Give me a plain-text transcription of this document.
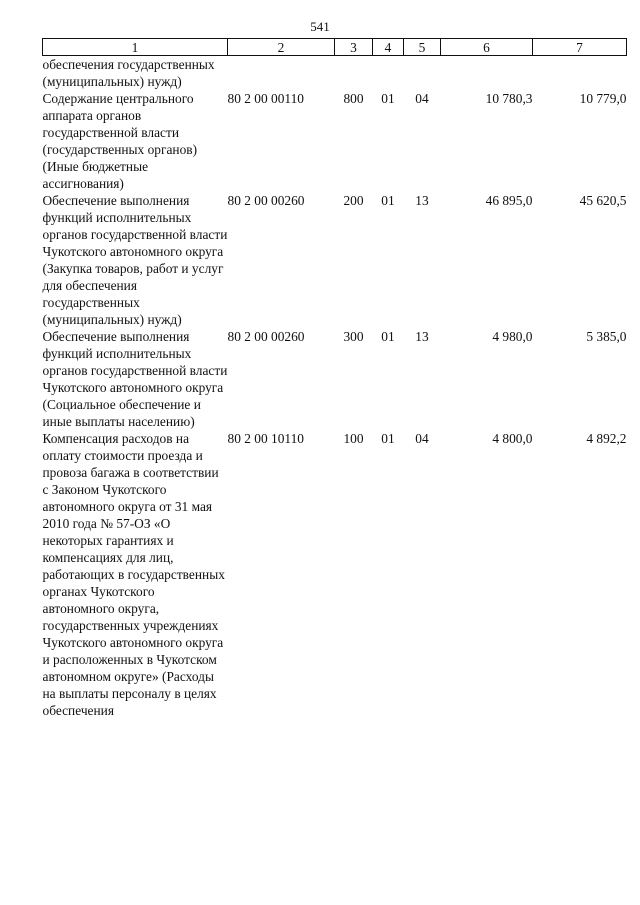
541
1	2	3	4	5	6	7
обеспечения государственных (муниципальных) нужд)						
Содержание центрального аппарата органов государственной власти (государственных органов) (Иные бюджетные ассигнования)	80 2 00 00110	800	01	04	10 780,3	10 779,0
Обеспечение выполнения функций исполнительных органов государственной власти Чукотского автономного округа (Закупка товаров, работ и услуг для обеспечения государственных (муниципальных) нужд)	80 2 00 00260	200	01	13	46 895,0	45 620,5
Обеспечение выполнения функций исполнительных органов государственной власти Чукотского автономного округа (Социальное обеспечение и иные выплаты населению)	80 2 00 00260	300	01	13	4 980,0	5 385,0
Компенсация расходов на оплату стоимости проезда и провоза багажа в соответствии с Законом Чукотского автономного округа от 31 мая 2010 года № 57-ОЗ «О некоторых гарантиях и компенсациях для лиц, работающих в государственных органах Чукотского автономного округа, государственных учреждениях Чукотского автономного округа и расположенных в Чукотском автономном округе» (Расходы на выплаты персоналу в целях обеспечения	80 2 00 10110	100	01	04	4 800,0	4 892,2
